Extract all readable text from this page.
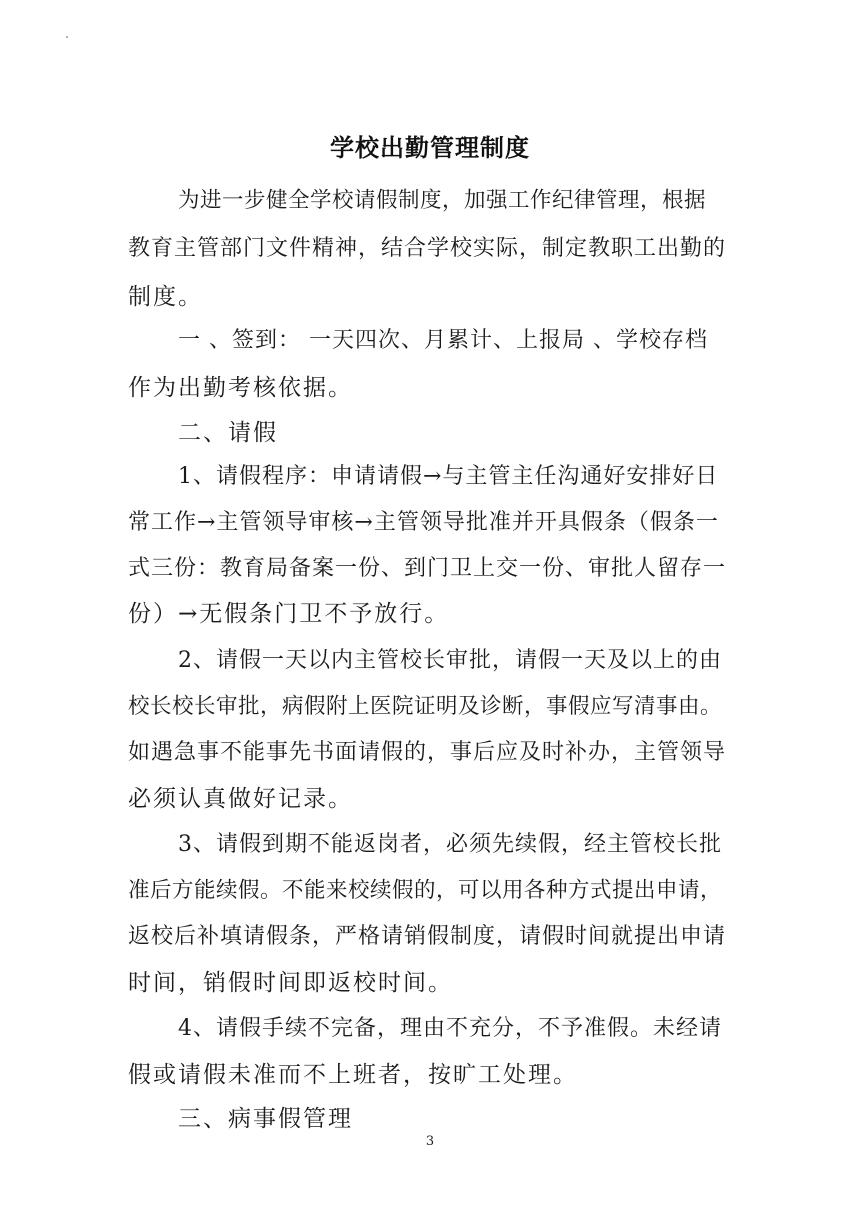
学校出勤管理制度
为进一步健全学校请假制度，加强工作纪律管理，根据
教育主管部门文件精神，结合学校实际，制定教职工出勤的
制度。
一 、签到： 一天四次、月累计、上报局 、学校存档
作为出勤考核依据。
二、请假
1、请假程序：申请请假→与主管主任沟通好安排好日
常工作→主管领导审核→主管领导批准并开具假条（假条一
式三份：教育局备案一份、到门卫上交一份、审批人留存一
份）→无假条门卫不予放行。
2、请假一天以内主管校长审批，请假一天及以上的由
校长校长审批，病假附上医院证明及诊断，事假应写清事由。
如遇急事不能事先书面请假的，事后应及时补办，主管领导
必须认真做好记录。
3、请假到期不能返岗者，必须先续假，经主管校长批
准后方能续假。不能来校续假的，可以用各种方式提出申请，
返校后补填请假条，严格请销假制度，请假时间就提出申请
时间，销假时间即返校时间。
4、请假手续不完备，理由不充分，不予准假。未经请
假或请假未准而不上班者，按旷工处理。
三、病事假管理
3
